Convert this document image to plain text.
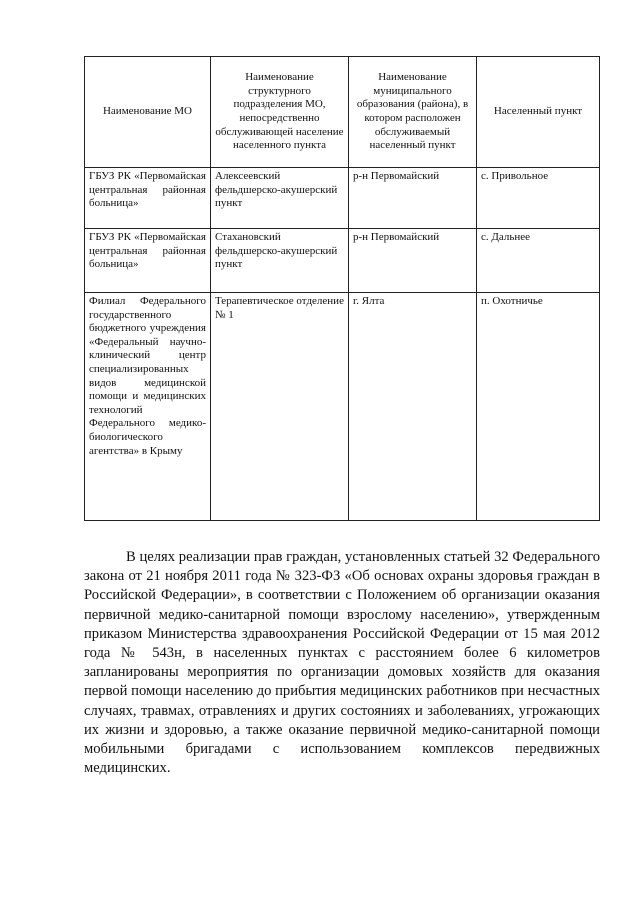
Наименование МО	Наименование структурного подразделения МО, непосредственно обслуживающей население населенного пункта	Наименование муниципального образования (района), в котором расположен обслуживаемый населенный пункт	Населенный пункт
ГБУЗ РК «Первомайская центральная районная больница»	Алексеевский фельдшерско-акушерский пункт	р-н Первомайский	с. Привольное
ГБУЗ РК «Первомайская центральная районная больница»	Стахановский фельдшерско-акушерский пункт	р-н Первомайский	с. Дальнее
Филиал Федерального государственного бюджетного учреждения «Федеральный научно-клинический центр специализированных видов медицинской помощи и медицинских технологий Федерального медико-биологического агентства» в Крыму	Терапевтическое отделение № 1	г. Ялта	п. Охотничье

В целях реализации прав граждан, установленных статьей 32 Федерального закона от 21 ноября 2011 года № 323-ФЗ «Об основах охраны здоровья граждан в Российской Федерации», в соответствии с Положением об организации оказания первичной медико-санитарной помощи взрослому населению», утвержденным приказом Министерства здравоохранения Российской Федерации от 15 мая 2012 года № 543н, в населенных пунктах с расстоянием более 6 километров запланированы мероприятия по организации домовых хозяйств для оказания первой помощи населению до прибытия медицинских работников при несчастных случаях, травмах, отравлениях и других состояниях и заболеваниях, угрожающих их жизни и здоровью, а также оказание первичной медико-санитарной помощи мобильными бригадами с использованием комплексов передвижных медицинских.
